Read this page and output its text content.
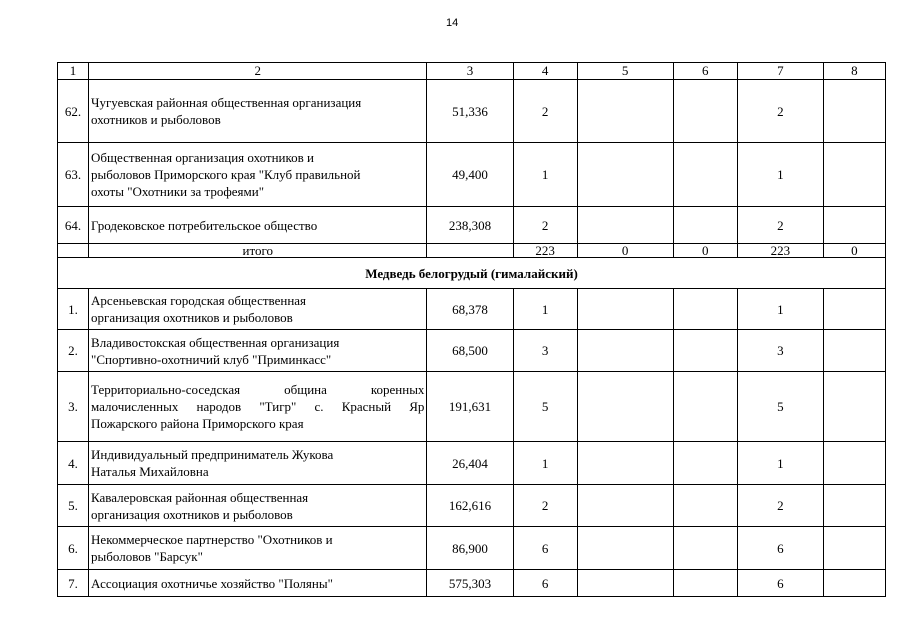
14
1	2	3	4	5	6	7	8
62.	Чугуевская районная общественная организация
охотников и рыболовов	51,336	2			2	
63.	Общественная организация охотников и
рыболовов Приморского края "Клуб правильной
охоты "Охотники за трофеями"	49,400	1			1	
64.	Гродековское потребительское общество	238,308	2			2	
	итого		223	0	0	223	0
Медведь белогрудый (гималайский)							
1.	Арсеньевская городская общественная
организация охотников и рыболовов	68,378	1			1	
2.	Владивостокская общественная организация
"Спортивно-охотничий клуб "Приминкасс"	68,500	3			3	
3.	Территориально-соседская община коренных
малочисленных народов "Тигр" с. Красный Яр
Пожарского района Приморского края	191,631	5			5	
4.	Индивидуальный предприниматель Жукова
Наталья Михайловна	26,404	1			1	
5.	Кавалеровская районная общественная
организация охотников и рыболовов	162,616	2			2	
6.	Некоммерческое партнерство "Охотников и
рыболовов "Барсук"	86,900	6			6	
7.	Ассоциация охотничье хозяйство "Поляны"	575,303	6			6	
